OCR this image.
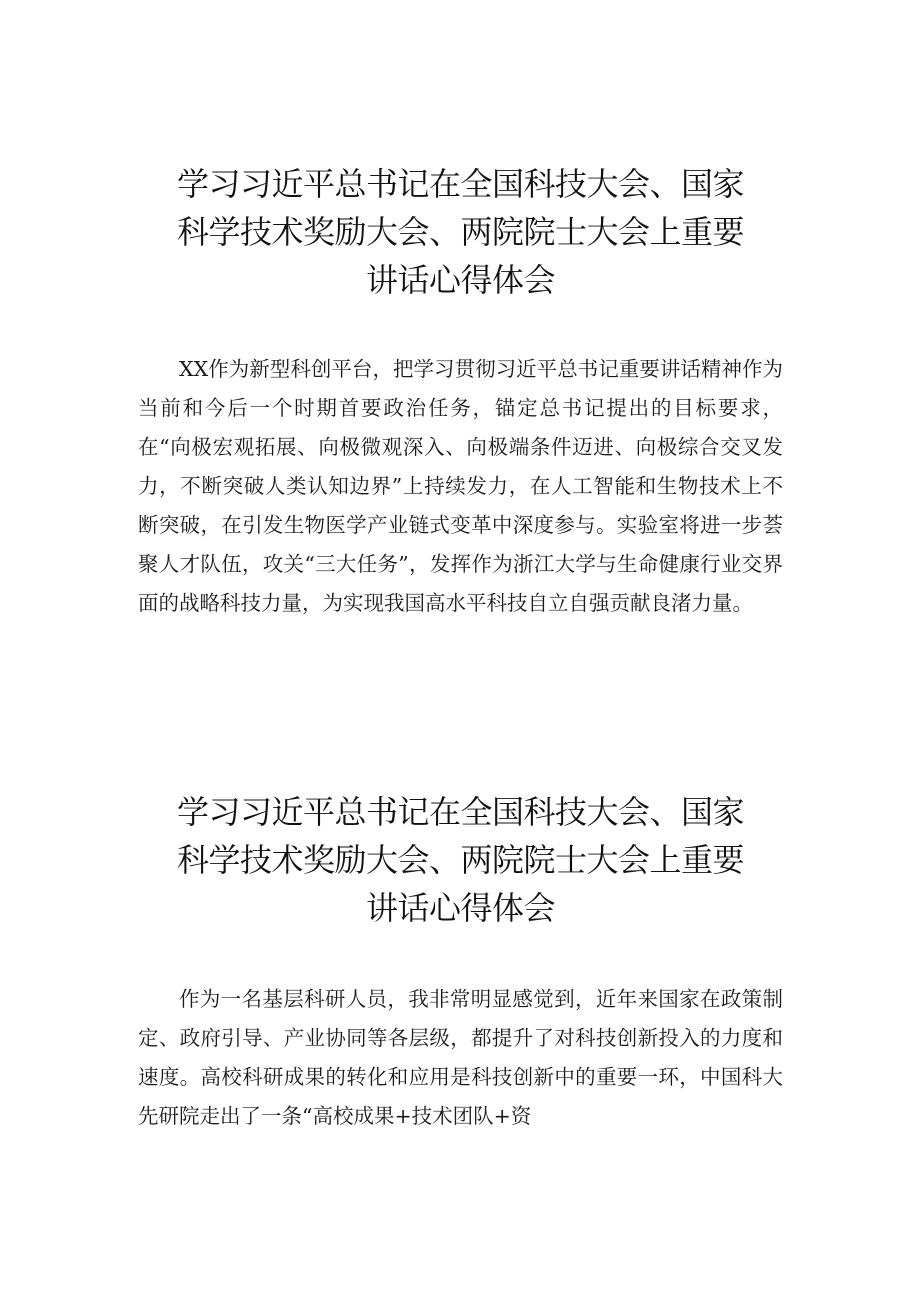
学习习近平总书记在全国科技大会、国家
科学技术奖励大会、两院院士大会上重要
讲话心得体会

XX作为新型科创平台，把学习贯彻习近平总书记重要讲话精神作为当前和今后一个时期首要政治任务，锚定总书记提出的目标要求，在“向极宏观拓展、向极微观深入、向极端条件迈进、向极综合交叉发力，不断突破人类认知边界”上持续发力，在人工智能和生物技术上不断突破，在引发生物医学产业链式变革中深度参与。实验室将进一步荟聚人才队伍，攻关“三大任务”，发挥作为浙江大学与生命健康行业交界面的战略科技力量，为实现我国高水平科技自立自强贡献良渚力量。

学习习近平总书记在全国科技大会、国家
科学技术奖励大会、两院院士大会上重要
讲话心得体会

作为一名基层科研人员，我非常明显感觉到，近年来国家在政策制定、政府引导、产业协同等各层级，都提升了对科技创新投入的力度和速度。高校科研成果的转化和应用是科技创新中的重要一环，中国科大先研院走出了一条“高校成果+技术团队+资
